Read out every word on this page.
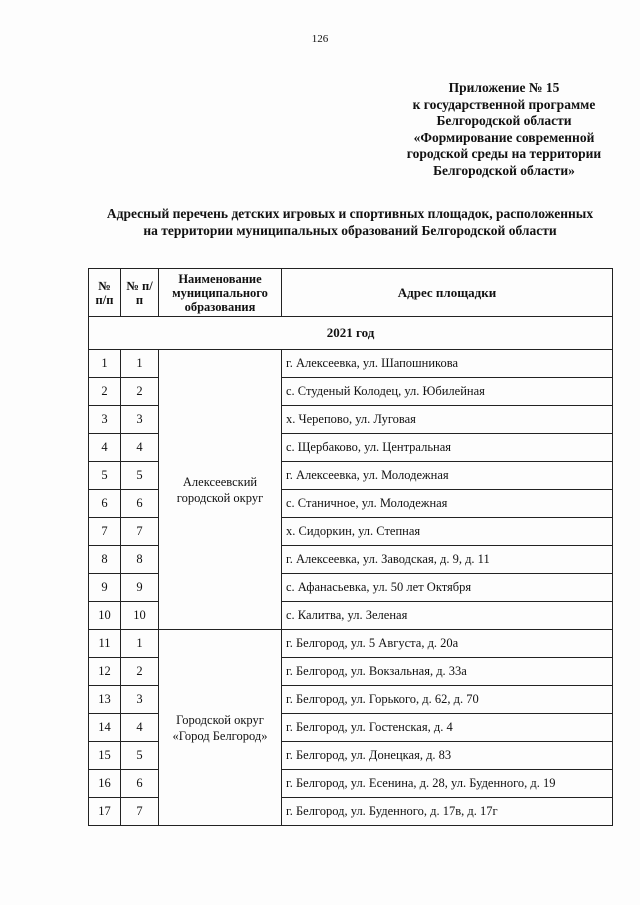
126
Приложение № 15
к государственной программе
Белгородской области
«Формирование современной
городской среды на территории
Белгородской области»
Адресный перечень детских игровых и спортивных площадок, расположенных
на территории муниципальных образований Белгородской области
№ п/п	№ п/п	Наименование муниципального образования	Адрес площадки
2021 год			
1	1	Алексеевский городской округ	г. Алексеевка, ул. Шапошникова
2	2		с. Студеный Колодец, ул. Юбилейная
3	3		х. Черепово, ул. Луговая
4	4		с. Щербаково, ул. Центральная
5	5		г. Алексеевка, ул. Молодежная
6	6		с. Станичное, ул. Молодежная
7	7		х. Сидоркин, ул. Степная
8	8		г. Алексеевка, ул. Заводская, д. 9, д. 11
9	9		с. Афанасьевка, ул. 50 лет Октября
10	10		с. Калитва, ул. Зеленая
11	1	Городской округ «Город Белгород»	г. Белгород, ул. 5 Августа, д. 20а
12	2		г. Белгород, ул. Вокзальная, д. 33а
13	3		г. Белгород, ул. Горького, д. 62, д. 70
14	4		г. Белгород, ул. Гостенская, д. 4
15	5		г. Белгород, ул. Донецкая, д. 83
16	6		г. Белгород, ул. Есенина, д. 28, ул. Буденного, д. 19
17	7		г. Белгород, ул. Буденного, д. 17в, д. 17г
